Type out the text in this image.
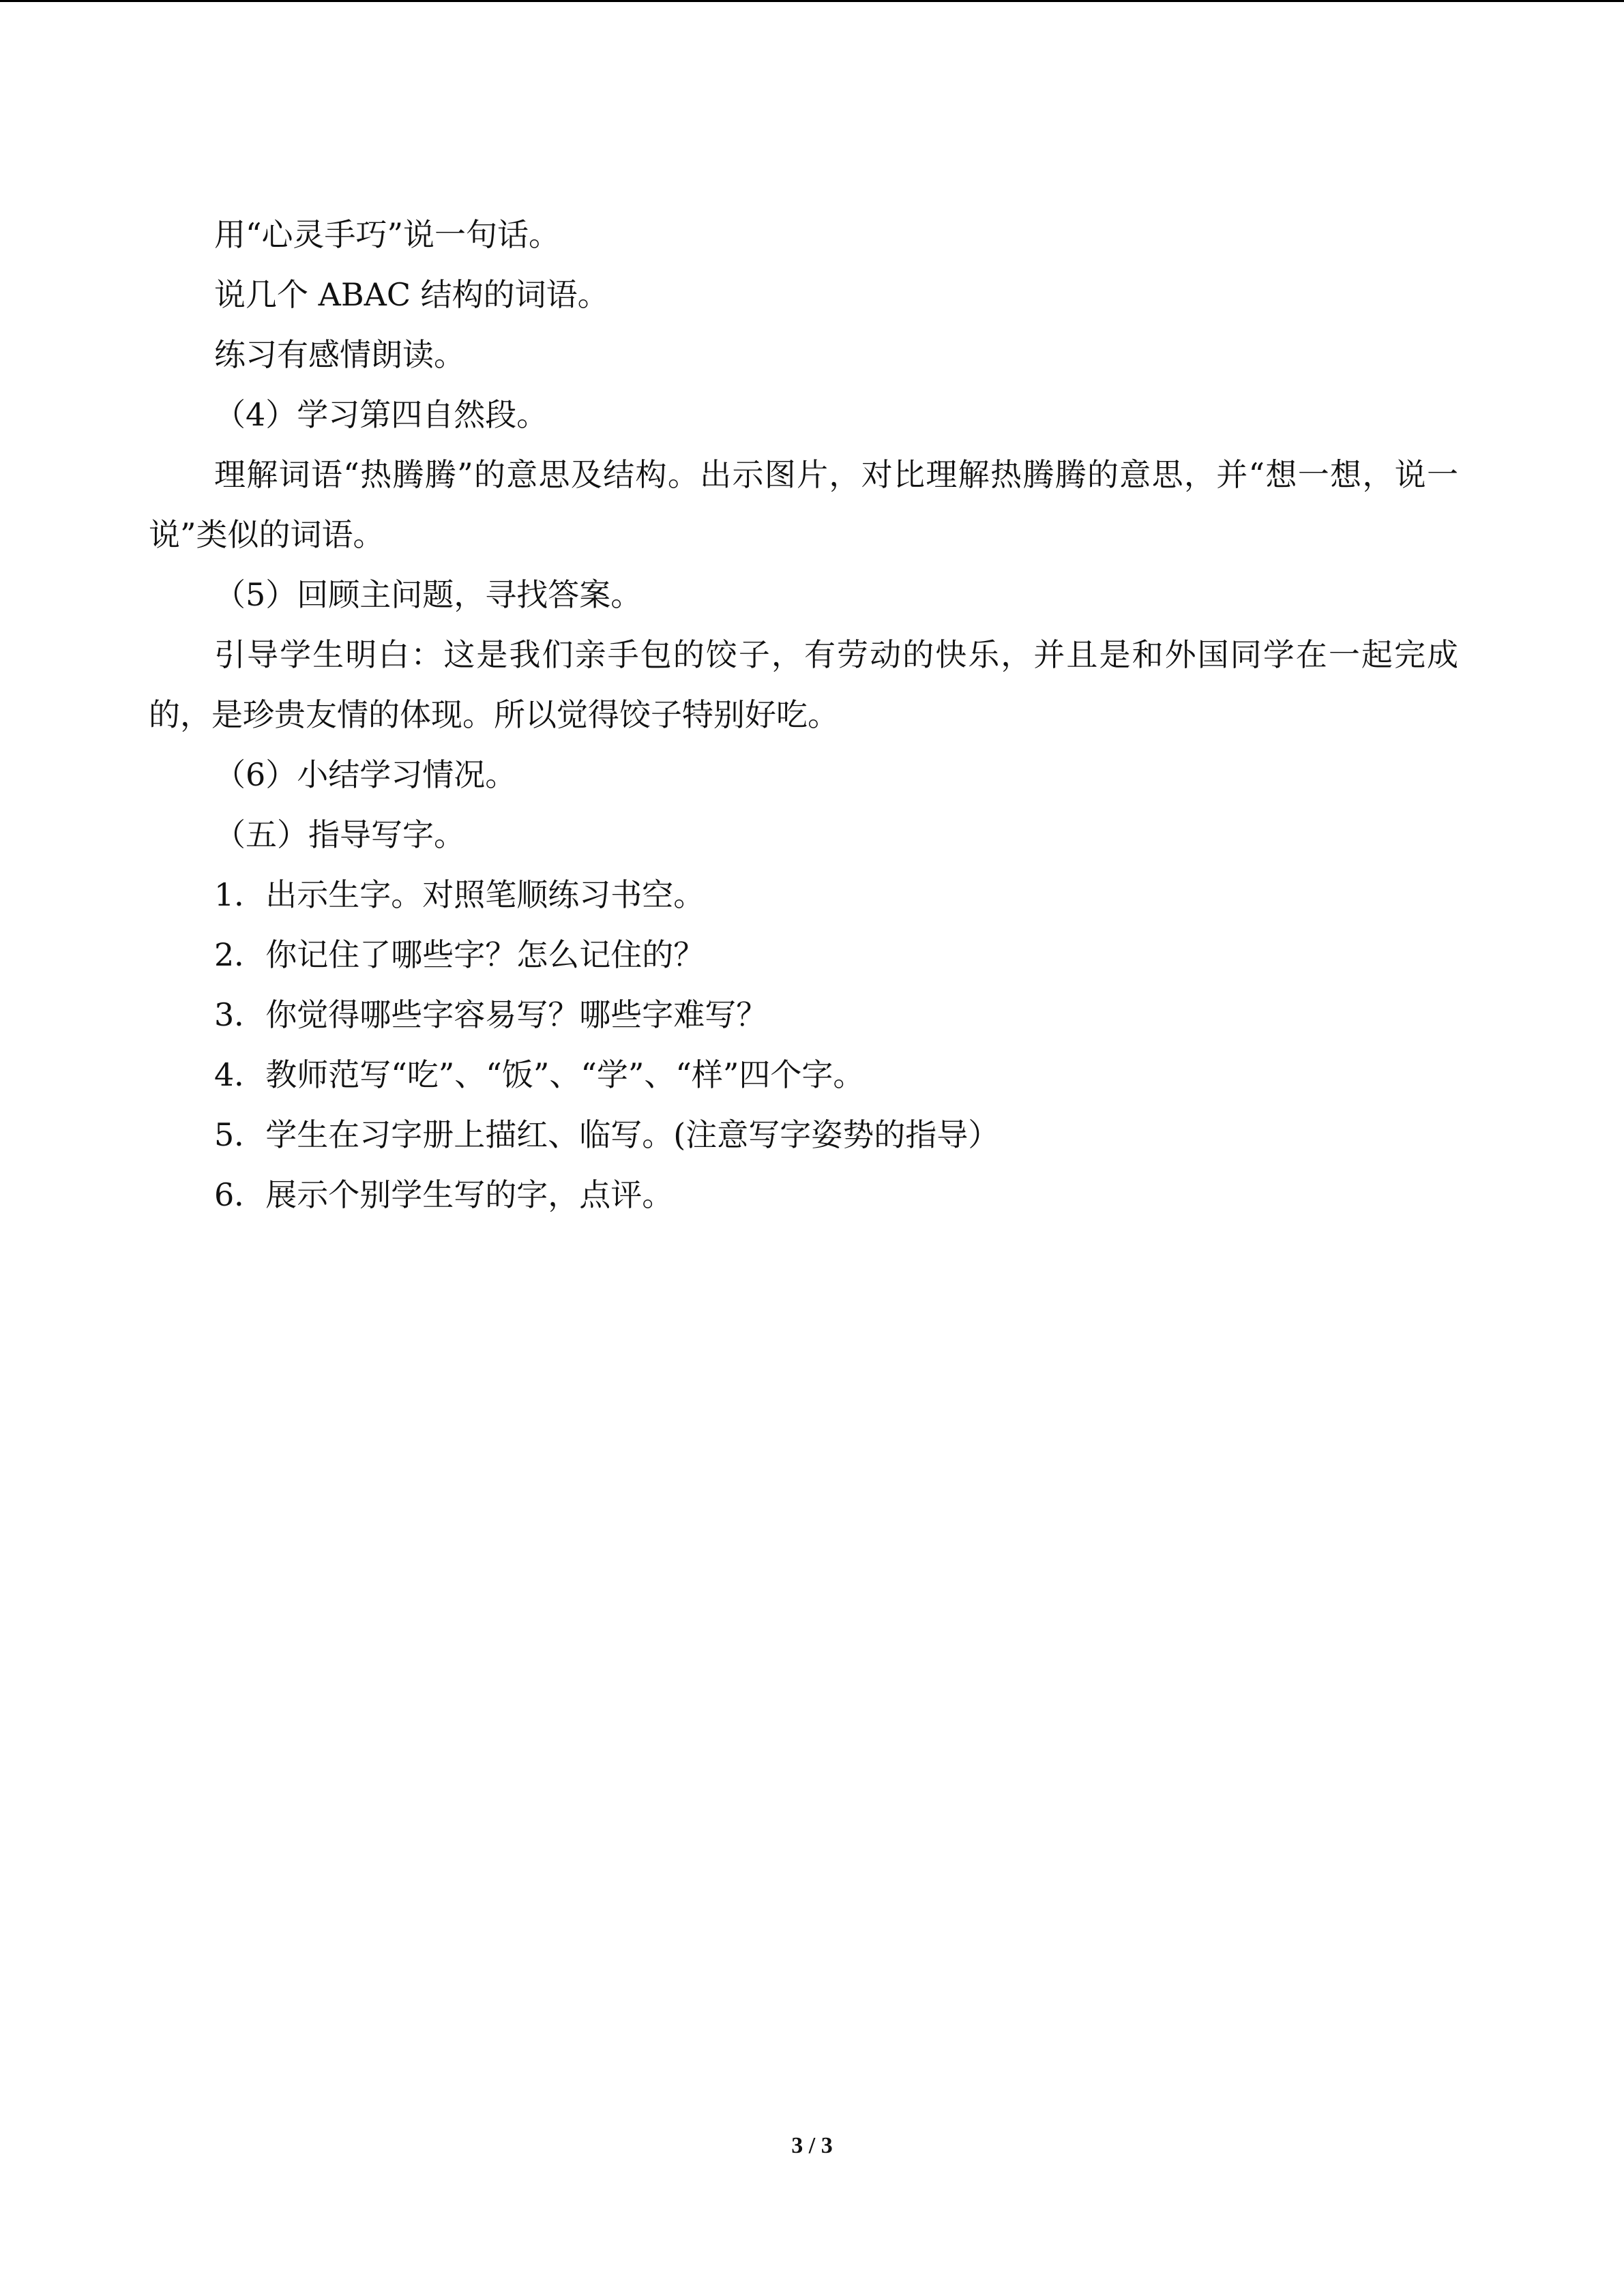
用“心灵手巧”说一句话。

说几个 ABAC 结构的词语。

练习有感情朗读。

（4）学习第四自然段。

理解词语“热腾腾”的意思及结构。出示图片，对比理解热腾腾的意思，并“想一想，说一说”类似的词语。

（5）回顾主问题，寻找答案。

引导学生明白：这是我们亲手包的饺子，有劳动的快乐，并且是和外国同学在一起完成的，是珍贵友情的体现。所以觉得饺子特别好吃。

（6）小结学习情况。

（五）指导写字。

1．出示生字。对照笔顺练习书空。

2．你记住了哪些字？怎么记住的？

3．你觉得哪些字容易写？哪些字难写？

4．教师范写“吃”、“饭”、“学”、“样”四个字。

5．学生在习字册上描红、临写。(注意写字姿势的指导）

6．展示个别学生写的字，点评。

3 / 3
